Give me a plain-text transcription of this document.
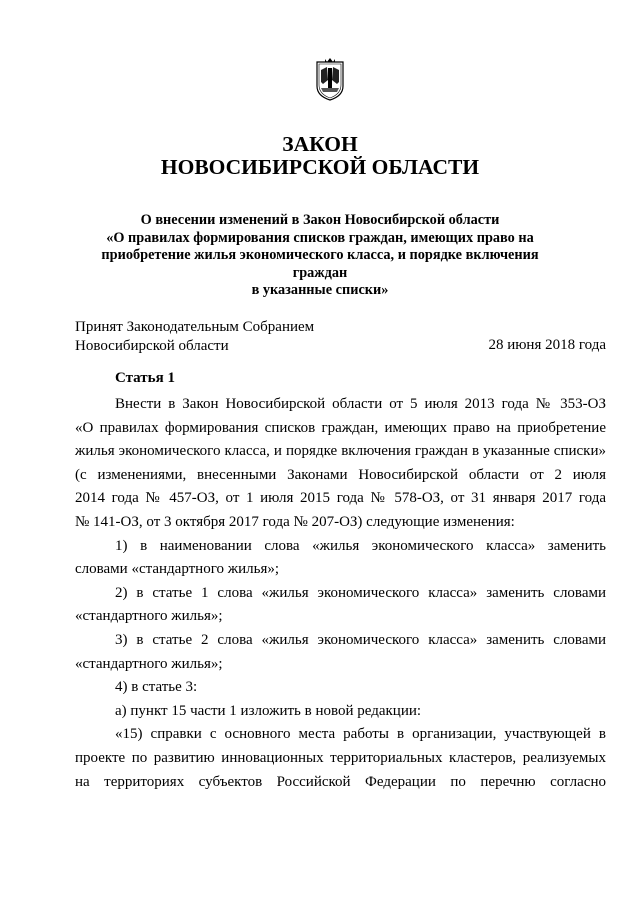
ЗАКОН
НОВОСИБИРСКОЙ ОБЛАСТИ
О внесении изменений в Закон Новосибирской области
«О правилах формирования списков граждан, имеющих право на
приобретение жилья экономического класса, и порядке включения граждан
в указанные списки»
Принят Законодательным Собранием
Новосибирской области	28 июня 2018 года
Статья 1

Внести в Закон Новосибирской области от 5 июля 2013 года № 353-ОЗ

«О правилах формирования списков граждан, имеющих право на приобретение

жилья экономического класса, и порядке включения граждан в указанные списки»

(с изменениями, внесенными Законами Новосибирской области от 2 июля

2014 года № 457-ОЗ, от 1 июля 2015 года № 578-ОЗ, от 31 января 2017 года

№ 141-ОЗ, от 3 октября 2017 года № 207-ОЗ) следующие изменения:

1) в наименовании слова «жилья экономического класса» заменить

словами «стандартного жилья»;

2) в статье 1 слова «жилья экономического класса» заменить словами

«стандартного жилья»;

3) в статье 2 слова «жилья экономического класса» заменить словами

«стандартного жилья»;

4) в статье 3:

а) пункт 15 части 1 изложить в новой редакции:

«15) справки с основного места работы в организации, участвующей в

проекте по развитию инновационных территориальных кластеров, реализуемых

на территориях субъектов Российской Федерации по перечню согласно
